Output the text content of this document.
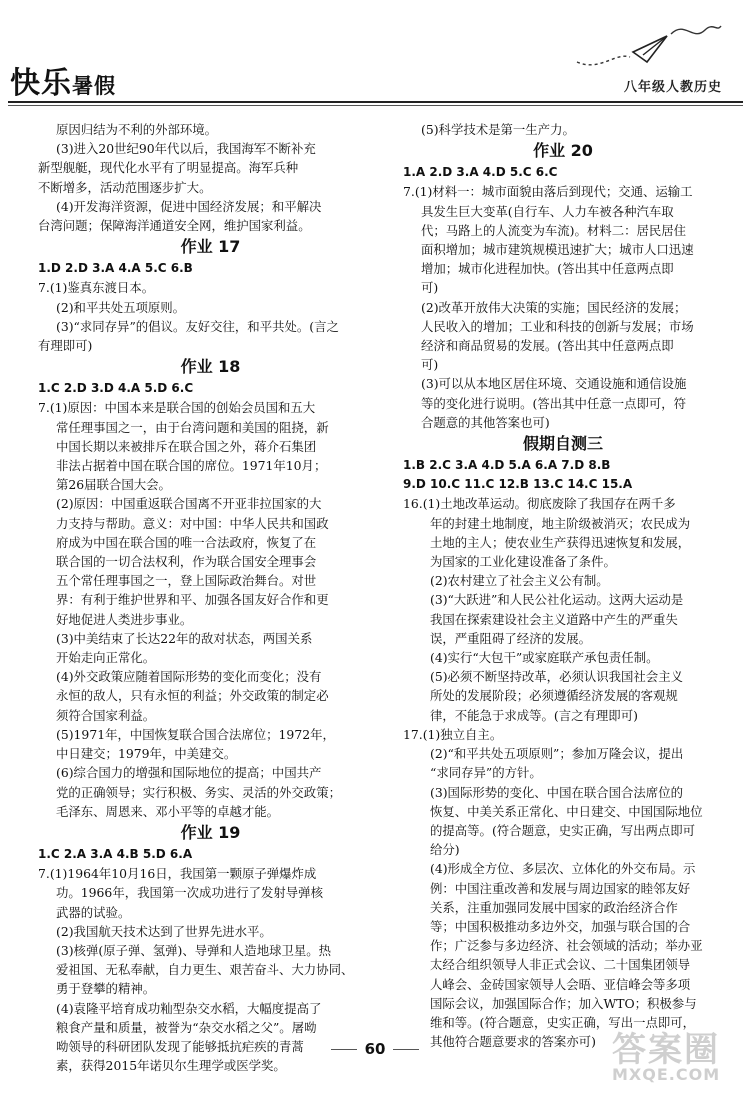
快乐暑假	八年级人教历史
原因归结为不利的外部环境。
(3)进入20世纪90年代以后，我国海军不断补充
新型舰艇，现代化水平有了明显提高。海军兵种
不断增多，活动范围逐步扩大。
(4)开发海洋资源，促进中国经济发展；和平解决
台湾问题；保障海洋通道安全网，维护国家利益。
作业 17
1.D 2.D 3.A 4.A 5.C 6.B
7.(1)鉴真东渡日本。
(2)和平共处五项原则。
(3)“求同存异”的倡议。友好交往，和平共处。(言之
有理即可)
作业 18
1.C 2.D 3.D 4.A 5.D 6.C
7.(1)原因：中国本来是联合国的创始会员国和五大
常任理事国之一，由于台湾问题和美国的阻挠，新
中国长期以来被排斥在联合国之外，蒋介石集团
非法占据着中国在联合国的席位。1971年10月；
第26届联合国大会。
(2)原因：中国重返联合国离不开亚非拉国家的大
力支持与帮助。意义：对中国：中华人民共和国政
府成为中国在联合国的唯一合法政府，恢复了在
联合国的一切合法权利，作为联合国安全理事会
五个常任理事国之一，登上国际政治舞台。对世
界：有利于维护世界和平、加强各国友好合作和更
好地促进人类进步事业。
(3)中美结束了长达22年的敌对状态，两国关系
开始走向正常化。
(4)外交政策应随着国际形势的变化而变化；没有
永恒的敌人，只有永恒的利益；外交政策的制定必
须符合国家利益。
(5)1971年，中国恢复联合国合法席位；1972年，
中日建交；1979年，中美建交。
(6)综合国力的增强和国际地位的提高；中国共产
党的正确领导；实行积极、务实、灵活的外交政策；
毛泽东、周恩来、邓小平等的卓越才能。
作业 19
1.C 2.A 3.A 4.B 5.D 6.A
7.(1)1964年10月16日，我国第一颗原子弹爆炸成
功。1966年，我国第一次成功进行了发射导弹核
武器的试验。
(2)我国航天技术达到了世界先进水平。
(3)核弹(原子弹、氢弹)、导弹和人造地球卫星。热
爱祖国、无私奉献，自力更生、艰苦奋斗、大力协同、
勇于登攀的精神。
(4)袁隆平培育成功籼型杂交水稻，大幅度提高了
粮食产量和质量，被誉为“杂交水稻之父”。屠呦
呦领导的科研团队发现了能够抵抗疟疾的青蒿
素，获得2015年诺贝尔生理学或医学奖。
(5)科学技术是第一生产力。
作业 20
1.A 2.D 3.A 4.D 5.C 6.C
7.(1)材料一：城市面貌由落后到现代；交通、运输工
具发生巨大变革(自行车、人力车被各种汽车取
代；马路上的人流变为车流)。材料二：居民居住
面积增加；城市建筑规模迅速扩大；城市人口迅速
增加；城市化进程加快。(答出其中任意两点即
可)
(2)改革开放伟大决策的实施；国民经济的发展；
人民收入的增加；工业和科技的创新与发展；市场
经济和商品贸易的发展。(答出其中任意两点即
可)
(3)可以从本地区居住环境、交通设施和通信设施
等的变化进行说明。(答出其中任意一点即可，符
合题意的其他答案也可)
假期自测三
1.B 2.C 3.A 4.D 5.A 6.A 7.D 8.B
9.D 10.C 11.C 12.B 13.C 14.C 15.A
16.(1)土地改革运动。彻底废除了我国存在两千多
年的封建土地制度，地主阶级被消灭；农民成为
土地的主人；使农业生产获得迅速恢复和发展，
为国家的工业化建设准备了条件。
(2)农村建立了社会主义公有制。
(3)“大跃进”和人民公社化运动。这两大运动是
我国在探索建设社会主义道路中产生的严重失
误，严重阻碍了经济的发展。
(4)实行“大包干”或家庭联产承包责任制。
(5)必须不断坚持改革，必须认识我国社会主义
所处的发展阶段；必须遵循经济发展的客观规
律，不能急于求成等。(言之有理即可)
17.(1)独立自主。
(2)“和平共处五项原则”；参加万隆会议，提出
“求同存异”的方针。
(3)国际形势的变化、中国在联合国合法席位的
恢复、中美关系正常化、中日建交、中国国际地位
的提高等。(符合题意，史实正确，写出两点即可
给分)
(4)形成全方位、多层次、立体化的外交布局。示
例：中国注重改善和发展与周边国家的睦邻友好
关系，注重加强同发展中国家的政治经济合作
等；中国积极推动多边外交，加强与联合国的合
作；广泛参与多边经济、社会领域的活动；举办亚
太经合组织领导人非正式会议、二十国集团领导
人峰会、金砖国家领导人会晤、亚信峰会等多项
国际会议，加强国际合作；加入WTO；积极参与
维和等。(符合题意，史实正确，写出一点即可，
其他符合题意要求的答案亦可)
60	答案圈
MXQE.COM
